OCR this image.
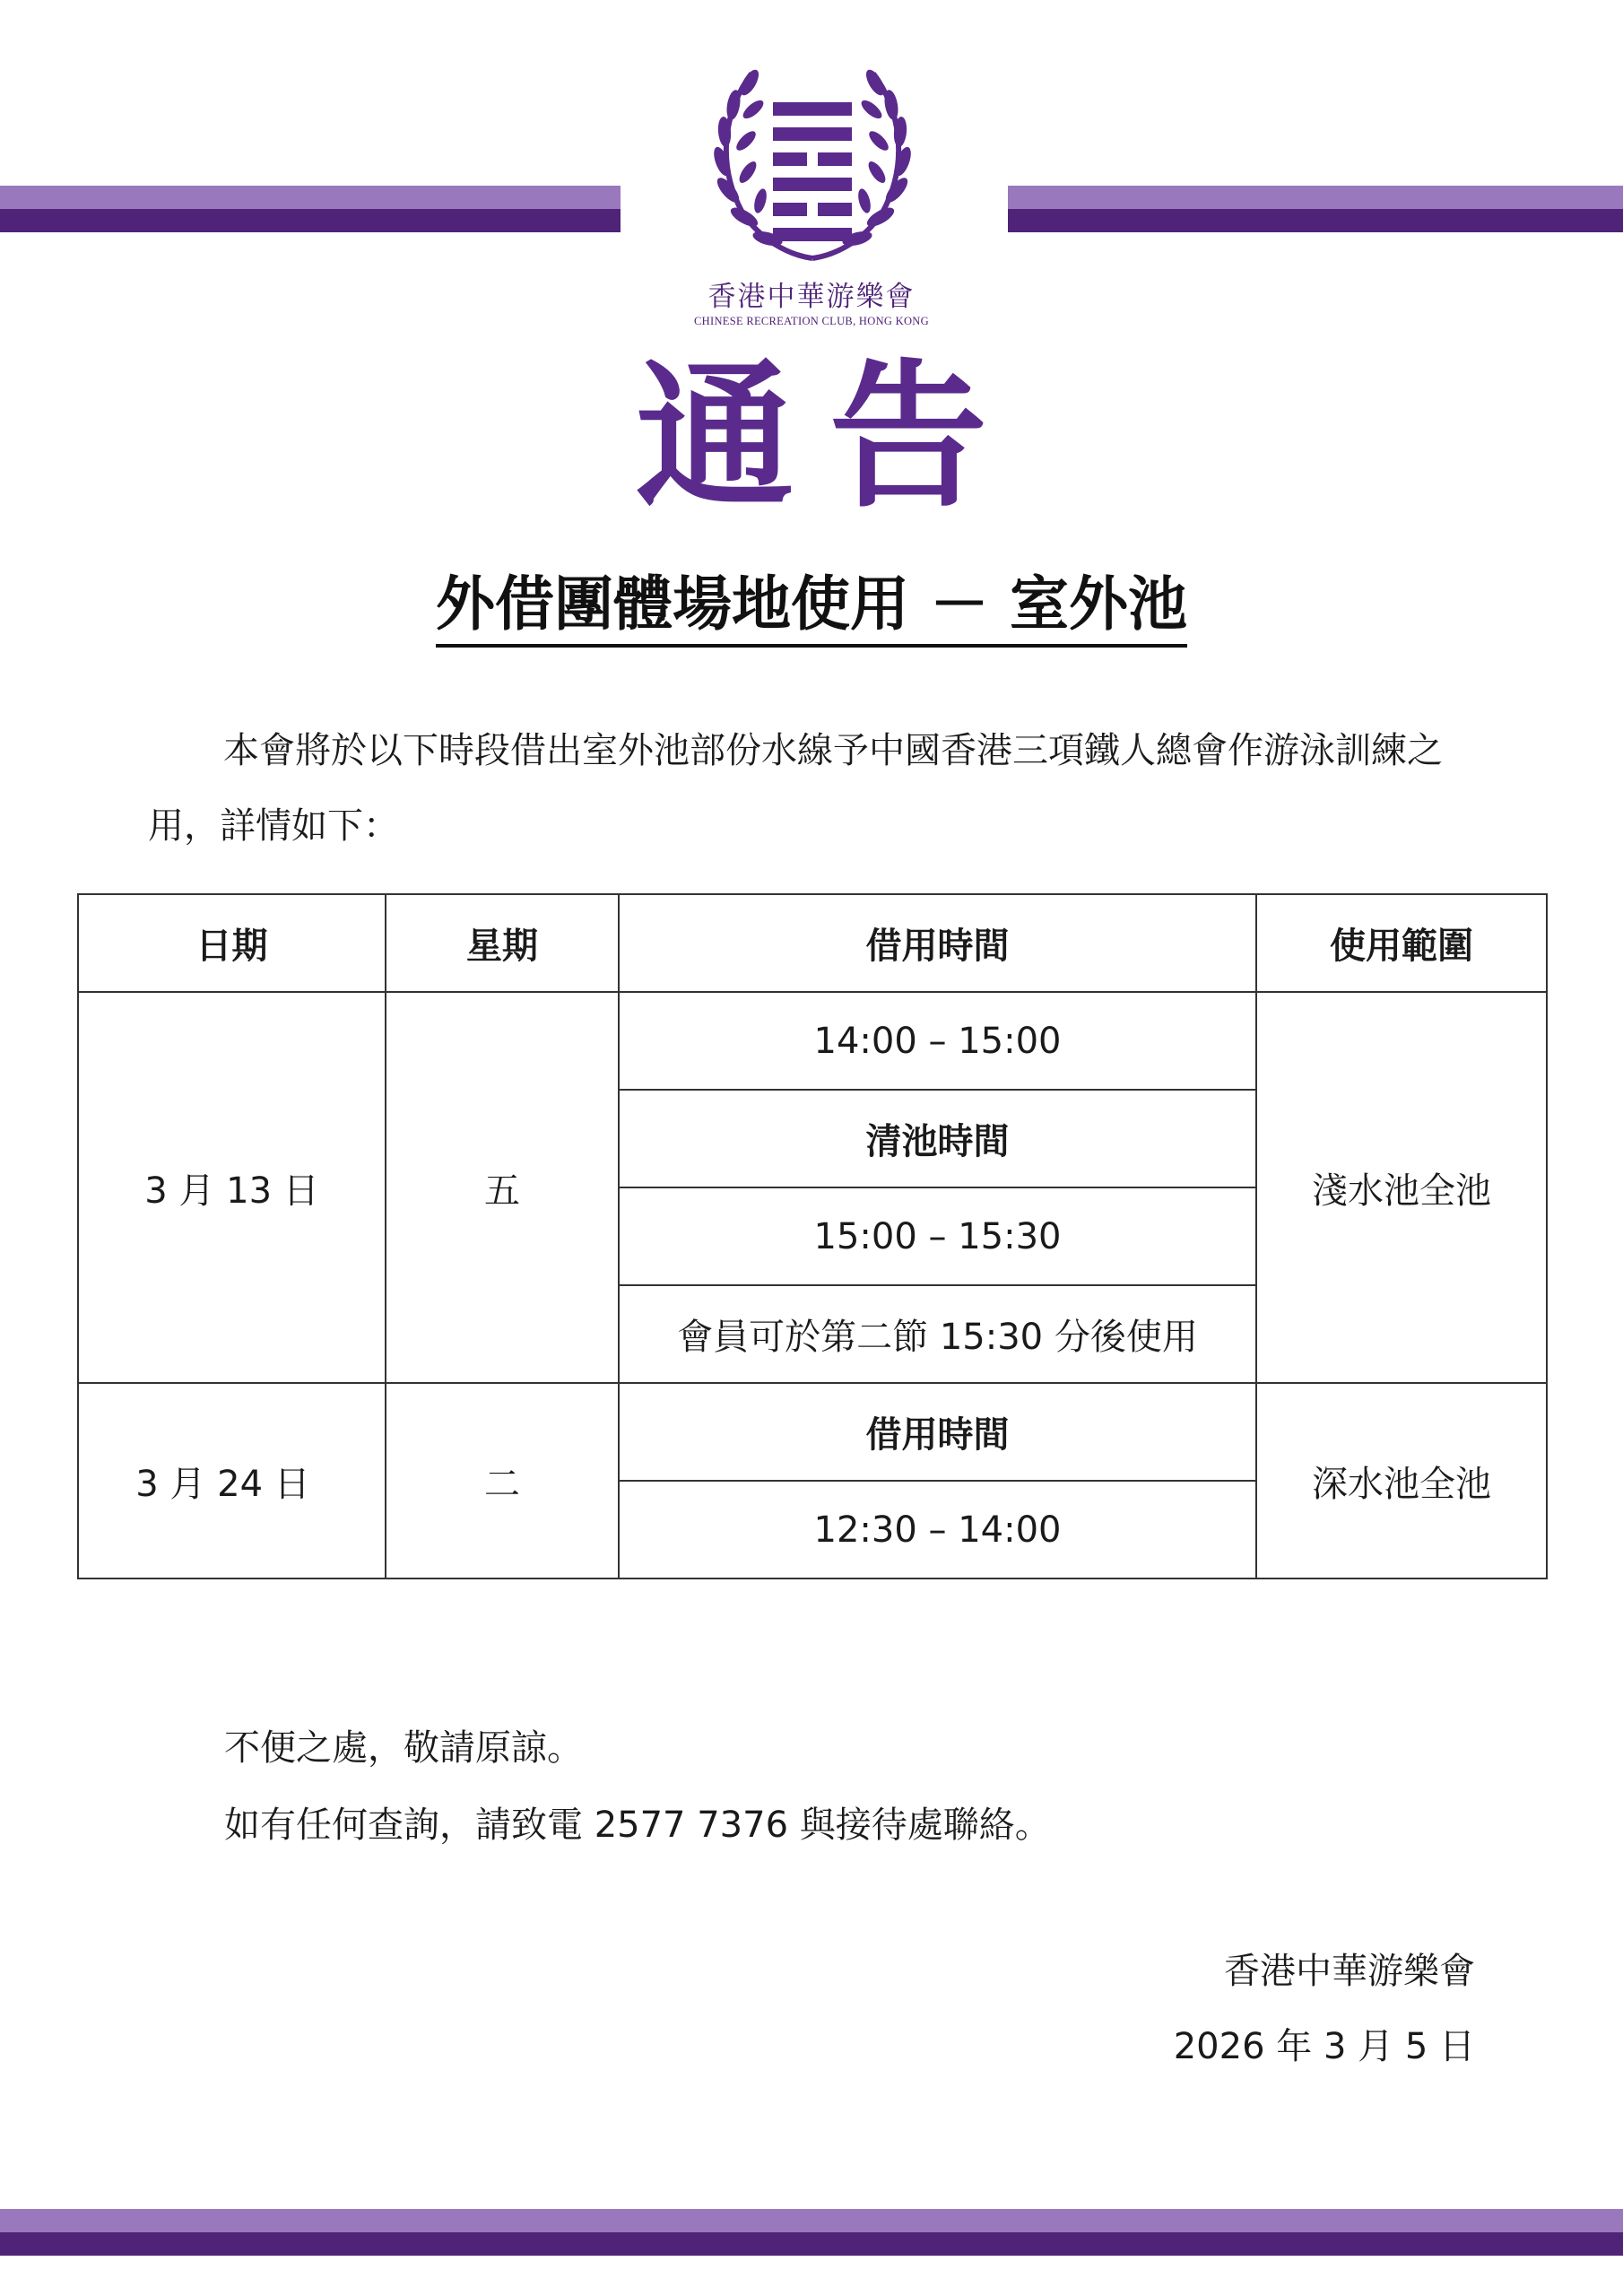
香港中華游樂會
CHINESE RECREATION CLUB, HONG KONG
通告
外借團體場地使用 － 室外池
本會將於以下時段借出室外池部份水線予中國香港三項鐵人總會作游泳訓練之用，詳情如下：
日期	星期	借用時間	使用範圍
3 月 13 日	五	14:00 – 15:00	淺水池全池
		清池時間	
		15:00 – 15:30	
		會員可於第二節 15:30 分後使用	
3 月 24 日	二	借用時間	深水池全池
		12:30 – 14:00	
不便之處，敬請原諒。
如有任何查詢，請致電 2577 7376 與接待處聯絡。
香港中華游樂會
2026 年 3 月 5 日
